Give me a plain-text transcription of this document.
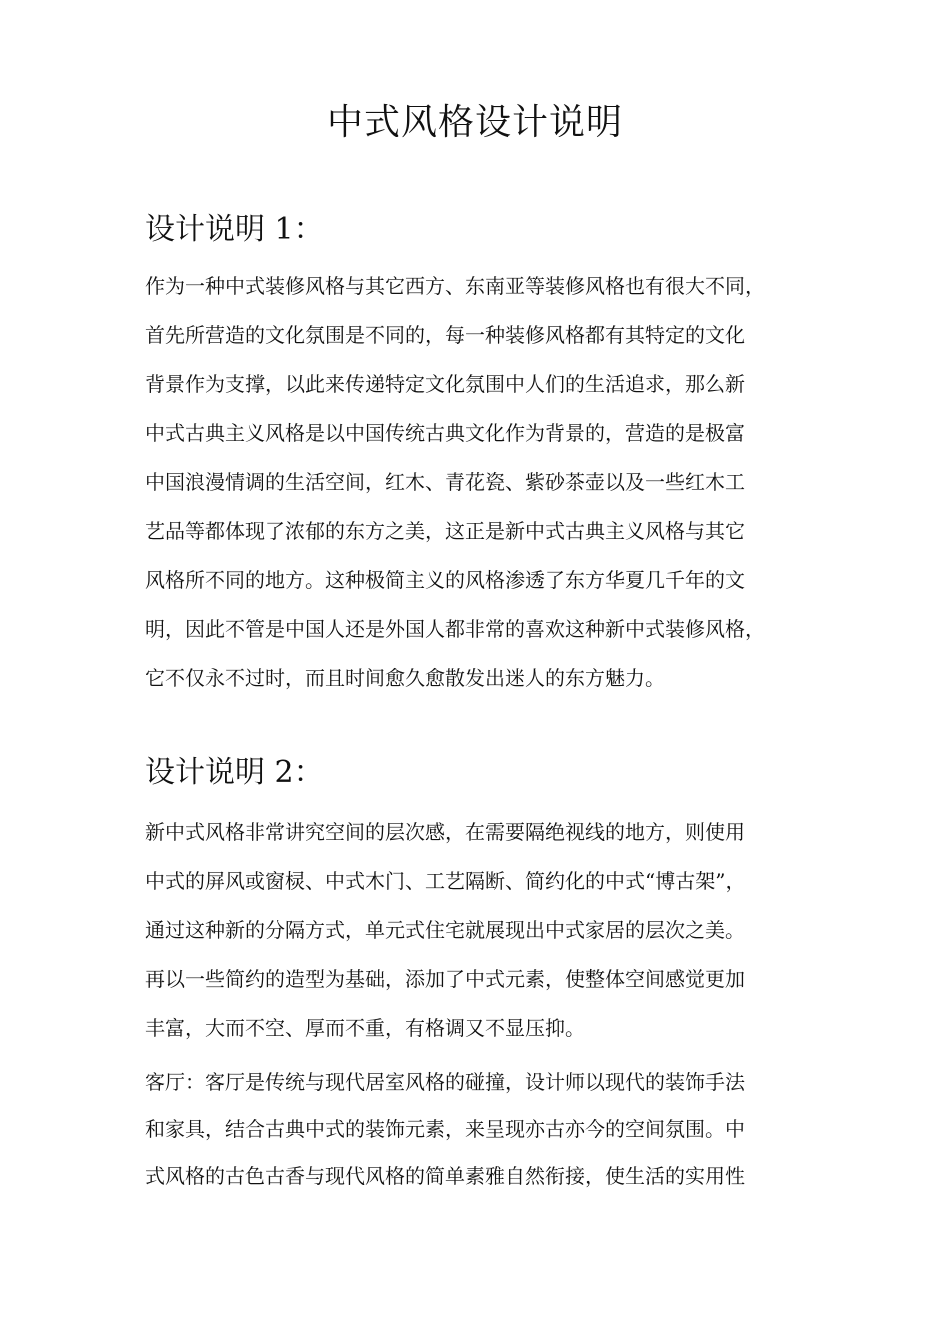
中式风格设计说明
设计说明 1：
作为一种中式装修风格与其它西方、东南亚等装修风格也有很大不同，
首先所营造的文化氛围是不同的，每一种装修风格都有其特定的文化
背景作为支撑，以此来传递特定文化氛围中人们的生活追求，那么新
中式古典主义风格是以中国传统古典文化作为背景的，营造的是极富
中国浪漫情调的生活空间，红木、青花瓷、紫砂茶壶以及一些红木工
艺品等都体现了浓郁的东方之美，这正是新中式古典主义风格与其它
风格所不同的地方。这种极简主义的风格渗透了东方华夏几千年的文
明，因此不管是中国人还是外国人都非常的喜欢这种新中式装修风格，
它不仅永不过时，而且时间愈久愈散发出迷人的东方魅力。
设计说明 2：
新中式风格非常讲究空间的层次感，在需要隔绝视线的地方，则使用
中式的屏风或窗棂、中式木门、工艺隔断、简约化的中式“博古架”，
通过这种新的分隔方式，单元式住宅就展现出中式家居的层次之美。
再以一些简约的造型为基础，添加了中式元素，使整体空间感觉更加
丰富，大而不空、厚而不重，有格调又不显压抑。
客厅：客厅是传统与现代居室风格的碰撞，设计师以现代的装饰手法
和家具，结合古典中式的装饰元素，来呈现亦古亦今的空间氛围。中
式风格的古色古香与现代风格的简单素雅自然衔接，使生活的实用性
